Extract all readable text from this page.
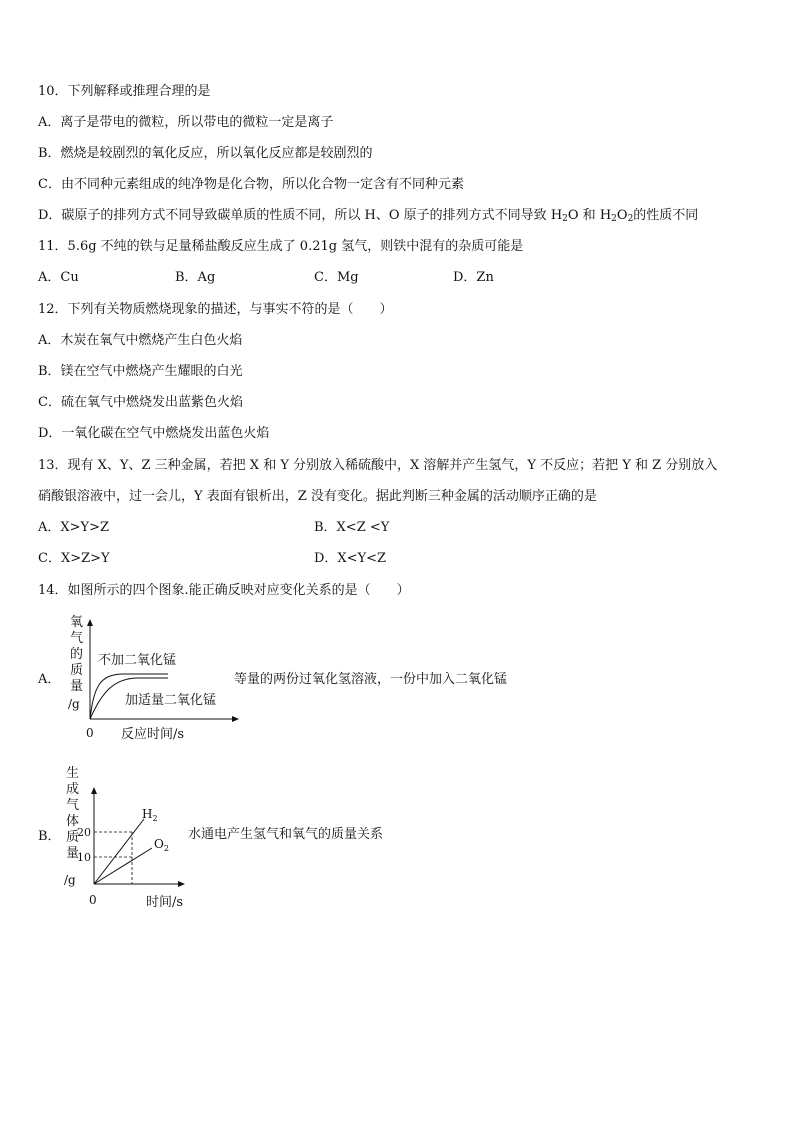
10．下列解释或推理合理的是
A．离子是带电的微粒，所以带电的微粒一定是离子
B．燃烧是较剧烈的氧化反应，所以氧化反应都是较剧烈的
C．由不同种元素组成的纯净物是化合物，所以化合物一定含有不同种元素
D．碳原子的排列方式不同导致碳单质的性质不同，所以 H、O 原子的排列方式不同导致 $H_2O$ 和 $H_2O_2$的性质不同
11．5.6g 不纯的铁与足量稀盐酸反应生成了 0.21g 氢气，则铁中混有的杂质可能是
A．Cu	B．Ag	C．Mg	D．Zn
12．下列有关物质燃烧现象的描述，与事实不符的是（　　）
A．木炭在氧气中燃烧产生白色火焰
B．镁在空气中燃烧产生耀眼的白光
C．硫在氧气中燃烧发出蓝紫色火焰
D．一氧化碳在空气中燃烧发出蓝色火焰
13．现有 X、Y、Z 三种金属，若把 X 和 Y 分别放入稀硫酸中，X 溶解并产生氢气，Y 不反应；若把 Y 和 Z 分别放入
硝酸银溶液中，过一会儿，Y 表面有银析出，Z 没有变化。据此判断三种金属的活动顺序正确的是
A．X>Y>Z	B．X<Z <Y
C．X>Z>Y	D．X<Y<Z
14．如图所示的四个图象.能正确反映对应变化关系的是（　　）
A．
氧
气
的
质
量
/g
不加二氧化锰
加适量二氧化锰
0 反应时间/s
等量的两份过氧化氢溶液，一份中加入二氧化锰
B．
生
成
气
体
质
量
/g
20
10
$H_2$
$O_2$
0	时间/s
水通电产生氢气和氧气的质量关系
